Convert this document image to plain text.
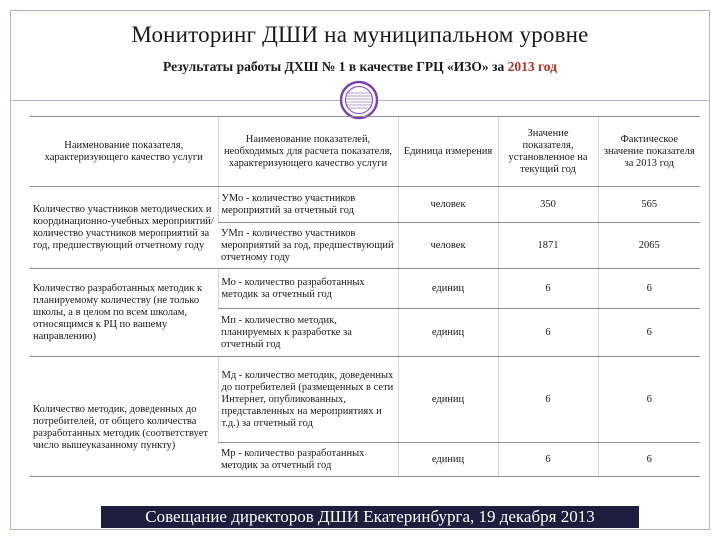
Мониторинг ДШИ на муниципальном уровне
Результаты работы ДХШ № 1 в качестве ГРЦ «ИЗО» за 2013 год
Наименование показателя, характеризующего качество услуги	Наименование показателей, необходимых для расчета показателя, характеризующего качество услуги	Единица измерения	Значение показателя, установленное на текущий год	Фактическое значение показателя за 2013 год
Количество участников методических и координационно-учебных мероприятий/ количество участников мероприятий за год, предшествующий отчетному году	УМо - количество участников мероприятий за отчетный год	человек	350	565
	УМп - количество участников мероприятий за год, предшествующий отчетному году	человек	1871	2065
Количество разработанных методик к планируемому количеству (не только школы, а в целом по всем школам, относящимся к РЦ по вашему направлению)	Мо - количество разработанных методик за отчетный год	единиц	6	6
	Мп - количество методик, планируемых к разработке за отчетный год	единиц	6	6
Количество методик, доведенных до потребителей, от общего количества разработанных методик (соответствует число вышеуказанному пункту)	Мд - количество методик, доведенных до потребителей (размещенных в сети Интернет, опубликованных, представленных на мероприятиях и т.д.) за отчетный год	единиц	6	6
	Мр - количество разработанных методик за отчетный год	единиц	6	6
Совещание директоров ДШИ Екатеринбурга, 19 декабря 2013
